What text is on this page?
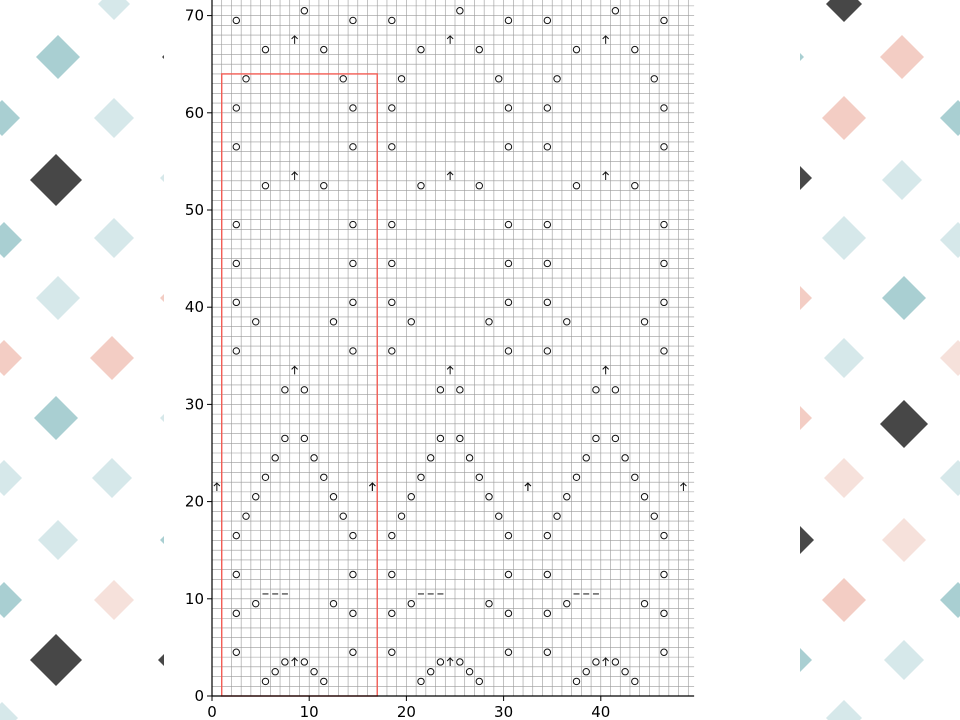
0	10	20	30	40
0
10
20
30
40
50
60
70
